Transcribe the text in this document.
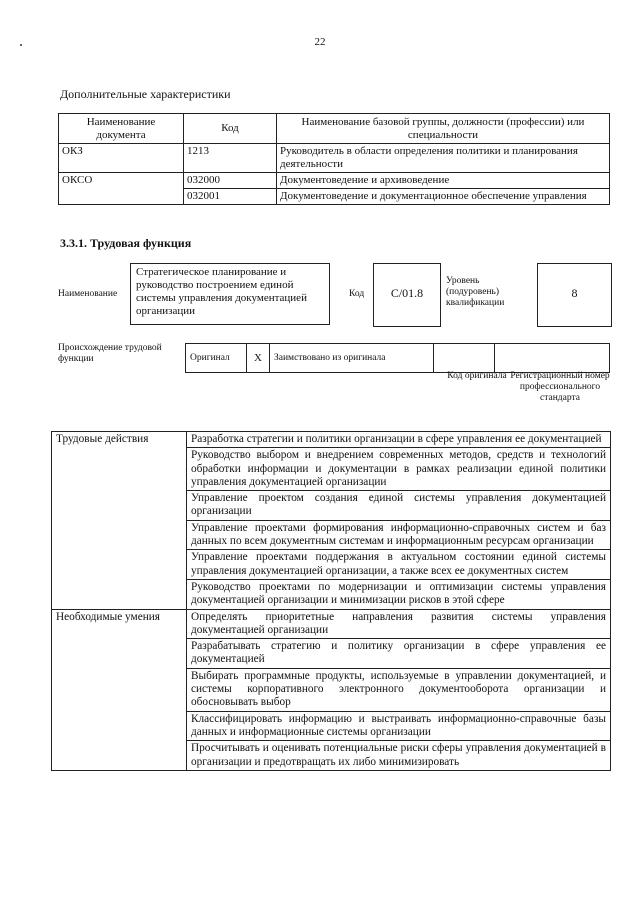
22
Дополнительные характеристики
Наименование документа	Код	Наименование базовой группы, должности (профессии) или специальности
ОКЗ	1213	Руководитель в области определения политики и планирования деятельности
ОКСО	032000	Документоведение и архивоведение
	032001	Документоведение и документационное обеспечение управления
3.3.1. Трудовая функция
Наименование
Стратегическое планирование и руководство построением единой системы управления документацией организации
Код	С/01.8
Уровень (подуровень) квалификации
8
Происхождение трудовой функции	Оригинал	X	Заимствовано из оригинала		
Код оригинала Регистрационный номер профессионального стандарта
Трудовые действия	Разработка стратегии и политики организации в сфере управления ее документацией
	Руководство выбором и внедрением современных методов, средств и технологий обработки информации и документации в рамках реализации единой политики управления документацией организации
	Управление проектом создания единой системы управления документацией организации
	Управление проектами формирования информационно-справочных систем и баз данных по всем документным системам и информационным ресурсам организации
	Управление проектами поддержания в актуальном состоянии единой системы управления документацией организации, а также всех ее документных систем
	Руководство проектами по модернизации и оптимизации системы управления документацией организации и минимизации рисков в этой сфере
Необходимые умения	Определять приоритетные направления развития системы управления документацией организации
	Разрабатывать стратегию и политику организации в сфере управления ее документацией
	Выбирать программные продукты, используемые в управлении документацией, и системы корпоративного электронного документооборота организации и обосновывать выбор
	Классифицировать информацию и выстраивать информационно-справочные базы данных и информационные системы организации
	Просчитывать и оценивать потенциальные риски сферы управления документацией в организации и предотвращать их либо минимизировать
